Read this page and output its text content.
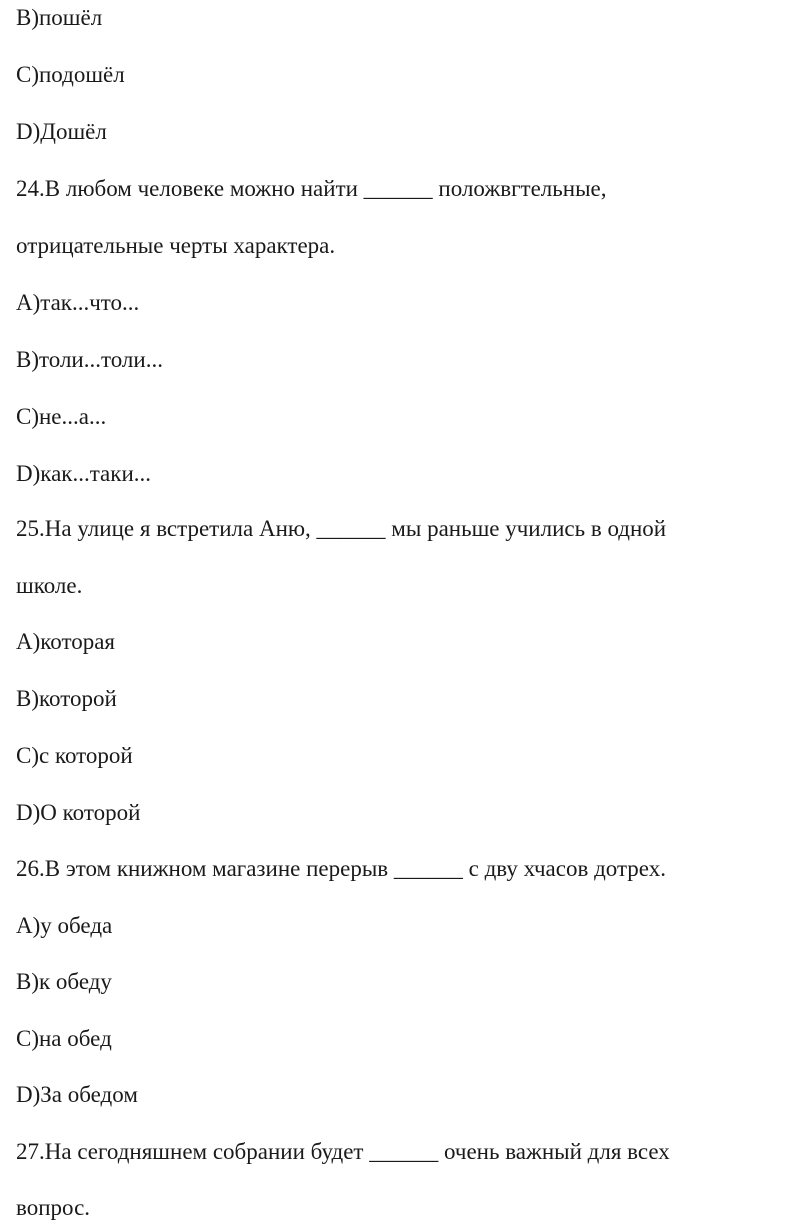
B)пошёл
C)подошёл
D)Дошёл
24.В любом человеке можно найти ______ положвгтельные,
отрицательные черты характера.
A)так...что...
B)толи...толи...
C)не...а...
D)как...таки...
25.На улице я встретила Аню, ______ мы раньше учились в одной
школе.
A)которая
B)которой
C)с которой
D)О которой
26.В этом книжном магазине перерыв ______ с дву хчасов дотрех.
A)у обеда
B)к обеду
C)на обед
D)За обедом
27.На сегодняшнем собрании будет ______ очень важный для всех
вопрос.
